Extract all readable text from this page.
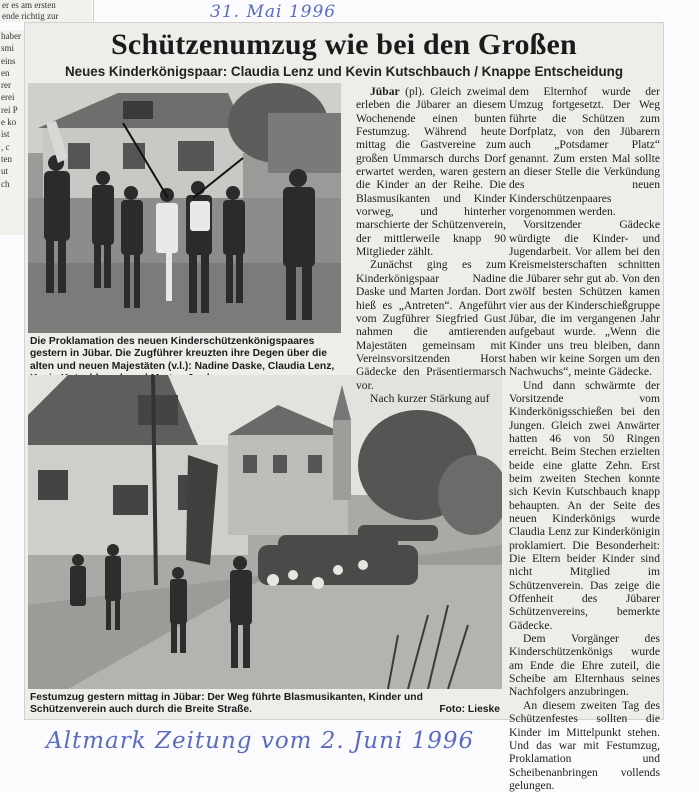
er es am ersten
ende richtig zur
haber
smi
eins
en
rer
erei
rei P
e ko
ist
, c
ten
ut
ch
31. Mai 1996
Schützenumzug wie bei den Großen
Neues Kinderkönigspaar: Claudia Lenz und Kevin Kutschbauch / Knappe Entscheidung
Die Proklamation des neuen Kinderschützenkönigspaares gestern in Jübar. Die Zugführer kreuzten ihre Degen über die alten und neuen Majestäten (v.l.): Nadine Daske, Claudia Lenz,
Festumzug gestern mittag in Jübar: Der Weg führte Blasmusikanten, Kinder und Schützenverein auch durch die Breite Straße.	Foto: Lieske

Jübar (pl). Gleich zweimal erleben die Jübarer an diesem Wochenende einen bunten Festumzug. Während heute mittag die Gastvereine zum großen Ummarsch durchs Dorf erwartet werden, waren gestern die Kinder an der Reihe. Die Blasmusikanten und Kinder vorweg, und hinterher marschierte der Schützenverein, der mittlerweile knapp 90 Mitglieder zählt.

Zunächst ging es zum Kinderkönigspaar Nadine Daske und Marten Jordan. Dort hieß es „Antreten“. Angeführt vom Zugführer Siegfried Gust nahmen die amtierenden Majestäten gemeinsam mit Vereinsvorsitzenden Horst Gädecke den Präsentiermarsch vor.

Nach kurzer Stärkung auf

dem Elternhof wurde der Umzug fortgesetzt. Der Weg führte die Schützen zum Dorfplatz, von den Jübarern auch „Potsdamer Platz“ genannt. Zum ersten Mal sollte an dieser Stelle die Verkündung des neuen Kinderschützenpaares vorgenommen werden.

Vorsitzender Gädecke würdigte die Kinder- und Jugendarbeit. Vor allem bei den Kreismeisterschaften schnitten die Jübarer sehr gut ab. Von den zwölf besten Schützen kamen vier aus der Kinderschießgruppe Jübar, die im vergangenen Jahr aufgebaut wurde. „Wenn die Kinder uns treu bleiben, dann haben wir keine Sorgen um den Nachwuchs“, meinte Gädecke.

Und dann schwärmte der Vorsitzende vom Kinderkönigsschießen bei den Jungen. Gleich zwei Anwärter hatten 46 von 50 Ringen erreicht. Beim Stechen erzielten beide eine glatte Zehn. Erst beim zweiten Stechen konnte sich Kevin Kutschbauch knapp behaupten. An der Seite des neuen Kinderkönigs wurde Claudia Lenz zur Kinderkönigin proklamiert. Die Besonderheit: Die Eltern beider Kinder sind nicht Mitglied im Schützenverein. Das zeige die Offenheit des Jübarer Schützenvereins, bemerkte Gädecke.

Dem Vorgänger des Kinderschützenkönigs wurde am Ende die Ehre zuteil, die Scheibe am Elternhaus seines Nachfolgers anzubringen.

An diesem zweiten Tag des Schützenfestes sollten die Kinder im Mittelpunkt stehen. Und das war mit Festumzug, Proklamation und Scheibenanbringen vollends gelungen.

Altmark Zeitung vom 2. Juni 1996
